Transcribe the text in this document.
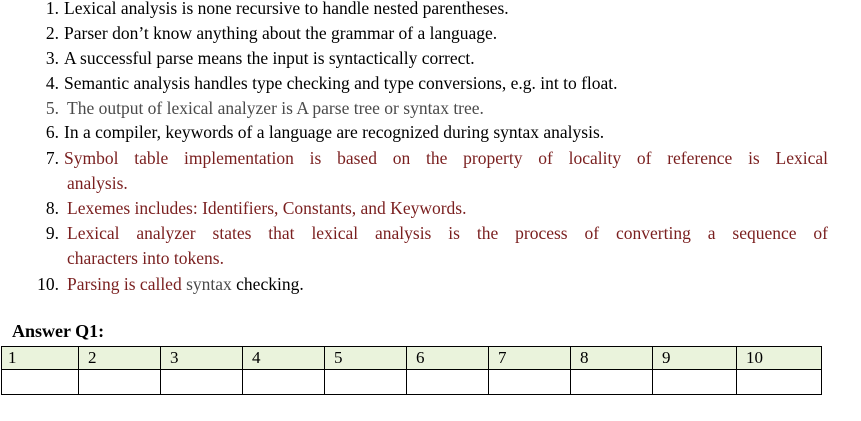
1. Lexical analysis is none recursive to handle nested parentheses.
2. Parser don’t know anything about the grammar of a language.
3. A successful parse means the input is syntactically correct.
4. Semantic analysis handles type checking and type conversions, e.g. int to float.
5. The output of lexical analyzer is A parse tree or syntax tree.
6. In a compiler, keywords of a language are recognized during syntax analysis.
7. Symbol table implementation is based on the property of locality of reference is Lexical
analysis.
8. Lexemes includes: Identifiers, Constants, and Keywords.
9. Lexical analyzer states that lexical analysis is the process of converting a sequence of
characters into tokens.
10. Parsing is called syntax checking.
Answer Q1:
1	2	3	4	5	6	7	8	9	10
